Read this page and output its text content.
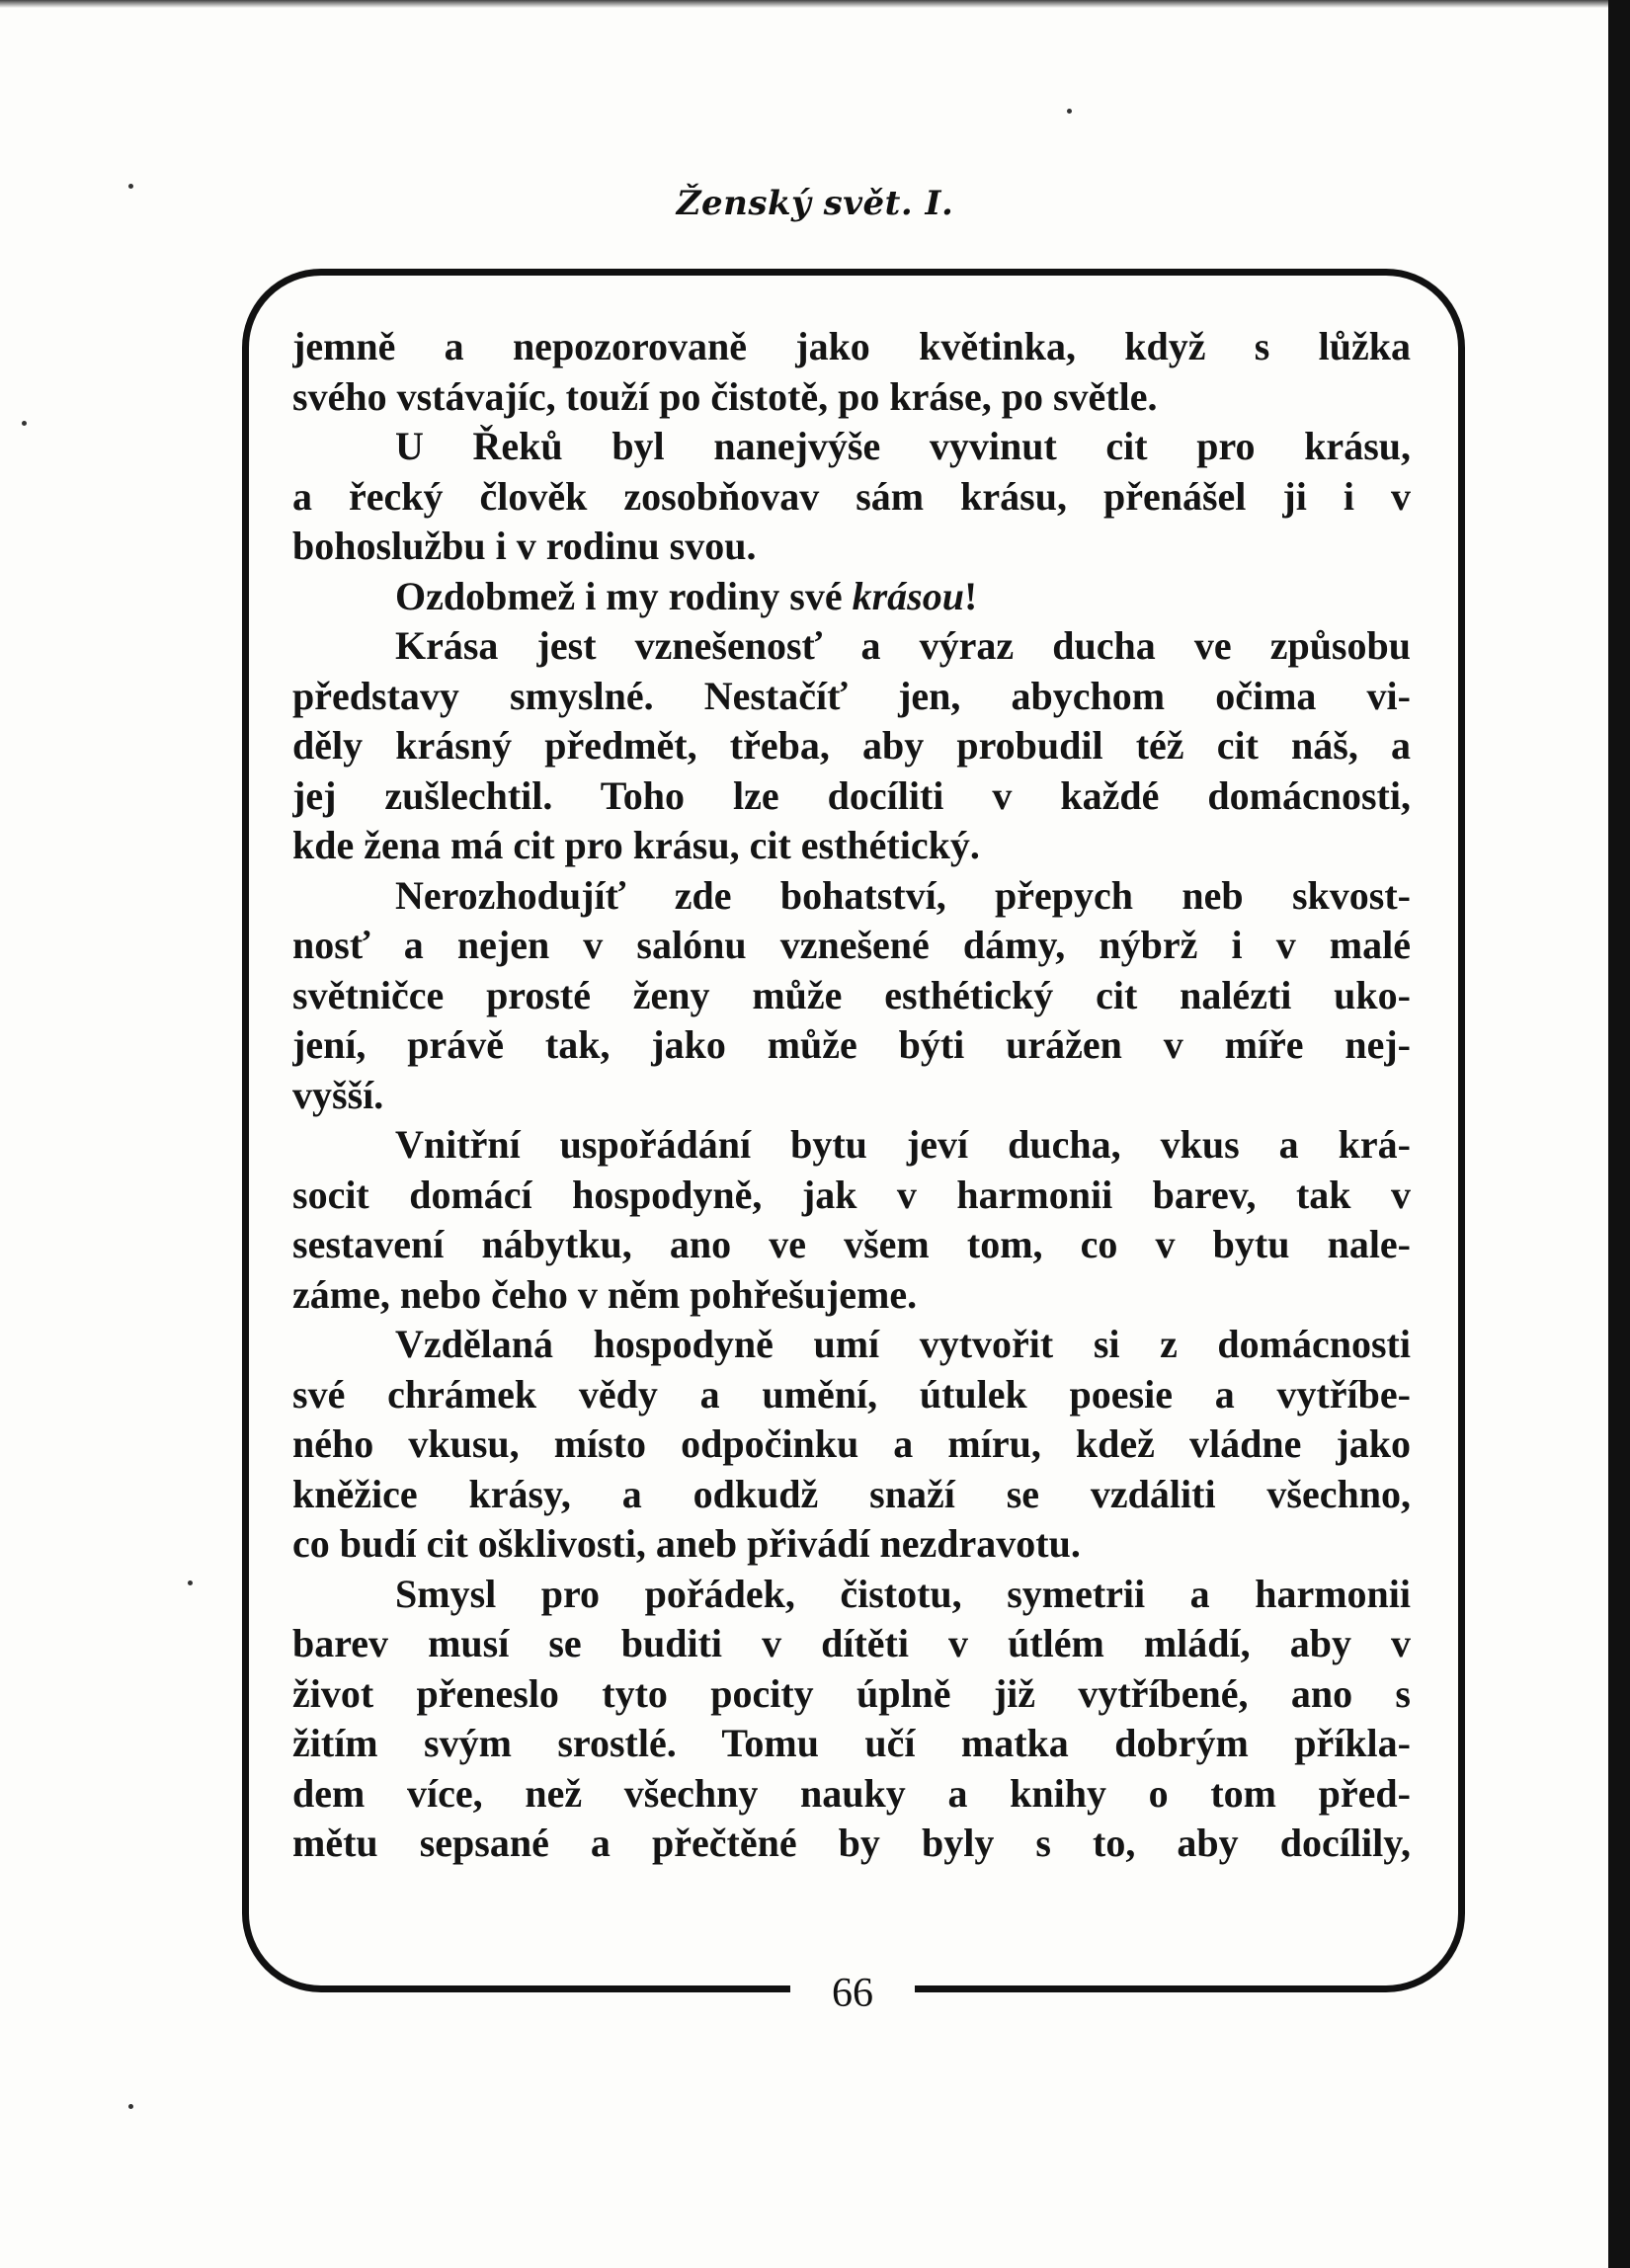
Ženský svět. I.
66
jemně a nepozorovaně jako květinka, když s lůžka
svého vstávajíc, touží po čistotě, po kráse, po světle.
U Řeků byl nanejvýše vyvinut cit pro krásu,
a řecký člověk zosobňovav sám krásu, přenášel ji i v
bohoslužbu i v rodinu svou.
Ozdobmež i my rodiny své krásou!
Krása jest vznešenosť a výraz ducha ve způsobu
představy smyslné. Nestačíť jen, abychom očima vi-
děly krásný předmět, třeba, aby probudil též cit náš, a
jej zušlechtil. Toho lze docíliti v každé domácnosti,
kde žena má cit pro krásu, cit esthétický.
Nerozhodujíť zde bohatství, přepych neb skvost-
nosť a nejen v salónu vznešené dámy, nýbrž i v malé
světničce prosté ženy může esthétický cit nalézti uko-
jení, právě tak, jako může býti urážen v míře nej-
vyšší.
Vnitřní uspořádání bytu jeví ducha, vkus a krá-
socit domácí hospodyně, jak v harmonii barev, tak v
sestavení nábytku, ano ve všem tom, co v bytu nale-
záme, nebo čeho v něm pohřešujeme.
Vzdělaná hospodyně umí vytvořit si z domácnosti
své chrámek vědy a umění, útulek poesie a vytříbe-
ného vkusu, místo odpočinku a míru, kdež vládne jako
kněžice krásy, a odkudž snaží se vzdáliti všechno,
co budí cit ošklivosti, aneb přivádí nezdravotu.
Smysl pro pořádek, čistotu, symetrii a harmonii
barev musí se buditi v dítěti v útlém mládí, aby v
život přeneslo tyto pocity úplně již vytříbené, ano s
žitím svým srostlé. Tomu učí matka dobrým příkla-
dem více, než všechny nauky a knihy o tom před-
mětu sepsané a přečtěné by byly s to, aby docílily,
